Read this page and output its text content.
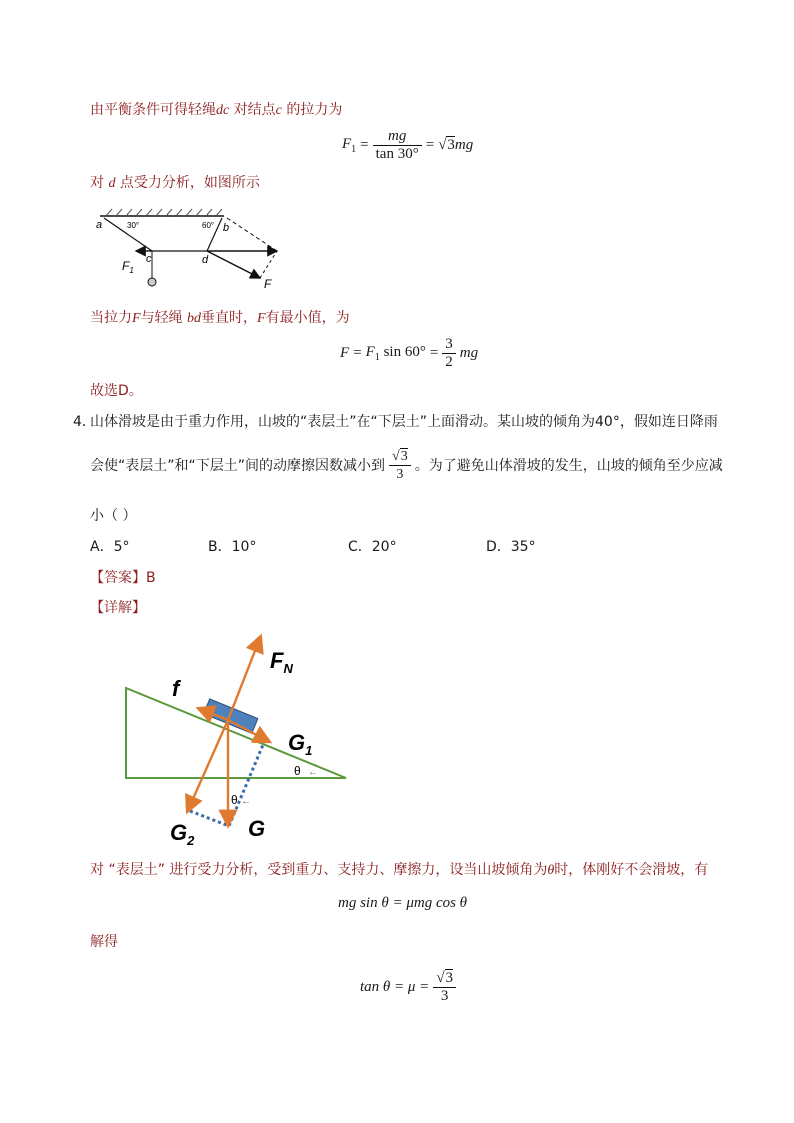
由平衡条件可得轻绳dc 对结点c 的拉力为
$F_1 = \frac{mg}{\tan 30^\circ} = √3mg$
对 d 点受力分析，如图所示
a	30°	60° b
c	d
$F_1$
F
当拉力F与轻绳 bd垂直时，F有最小值，为
$F = F_1$ $\sin 60^\circ = \frac{3}{2}$ mg
故选D。
4．
山体滑坡是由于重力作用，山坡的“表层土”在“下层土”上面滑动。某山坡的倾角为40°，假如连日降雨
会使“表层土”和“下层土”间的动摩擦因数减小到 $\frac{√3}{3}$ 。为了避免山体滑坡的发生，山坡的倾角至少应减
小（ ）
A．5°	B．10°	C．20°	D．35°
【答案】B
【详解】
$F_N$
f
$G_1$
$G_2$ G
θ ←
θ ←
对 “表层土” 进行受力分析，受到重力、支持力、摩擦力，设当山坡倾角为θ时，体刚好不会滑坡，有
mg sin θ = μmg cos θ
解得
$\tan \theta = \mu = \frac{√3}{3}$
